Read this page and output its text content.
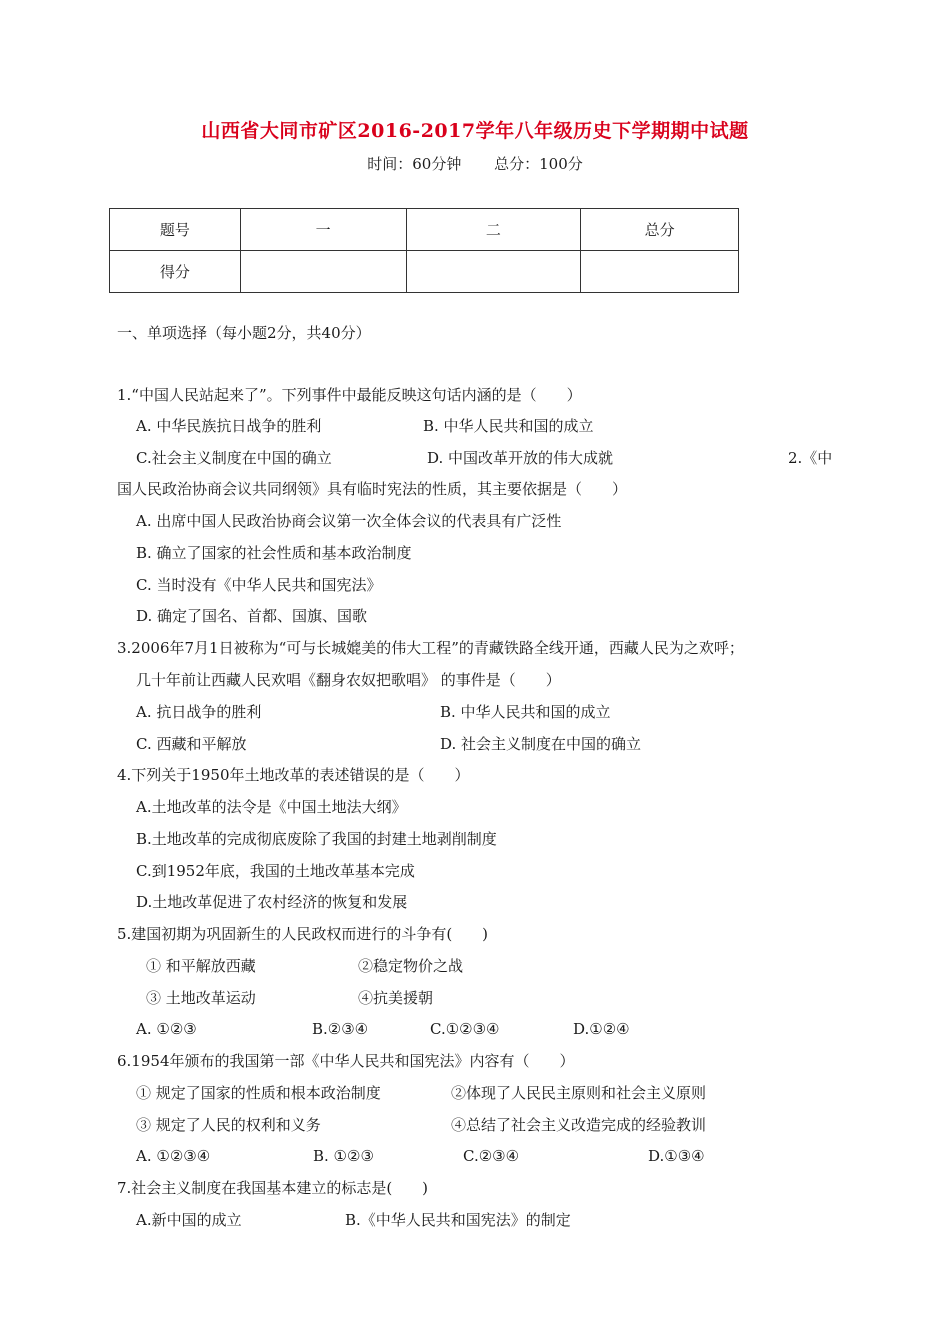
山西省大同市矿区2016-2017学年八年级历史下学期期中试题
时间：60分钟 总分：100分
题号	一	二	总分
得分			
一、单项选择（每小题2分，共40分）
1.“中国人民站起来了”。下列事件中最能反映这句话内涵的是（　　）
A. 中华民族抗日战争的胜利	B. 中华人民共和国的成立
C.社会主义制度在中国的确立	D. 中国改革开放的伟大成就	2.《中
国人民政治协商会议共同纲领》具有临时宪法的性质，其主要依据是（　　）
A. 出席中国人民政治协商会议第一次全体会议的代表具有广泛性
B. 确立了国家的社会性质和基本政治制度
C. 当时没有《中华人民共和国宪法》
D. 确定了国名、首都、国旗、国歌
3.2006年7月1日被称为“可与长城媲美的伟大工程”的青藏铁路全线开通，西藏人民为之欢呼；
几十年前让西藏人民欢唱《翻身农奴把歌唱》 的事件是（　　）
A. 抗日战争的胜利	B. 中华人民共和国的成立
C. 西藏和平解放	D. 社会主义制度在中国的确立
4.下列关于1950年土地改革的表述错误的是（　　）
A.土地改革的法令是《中国土地法大纲》
B.土地改革的完成彻底废除了我国的封建土地剥削制度
C.到1952年底，我国的土地改革基本完成
D.土地改革促进了农村经济的恢复和发展
5.建国初期为巩固新生的人民政权而进行的斗争有(　　)
① 和平解放西藏	②稳定物价之战
③ 土地改革运动	④抗美援朝
A. ①②③	B.②③④	C.①②③④	D.①②④
6.1954年颁布的我国第一部《中华人民共和国宪法》内容有（　　）
① 规定了国家的性质和根本政治制度	②体现了人民民主原则和社会主义原则
③ 规定了人民的权利和义务	④总结了社会主义改造完成的经验教训
A. ①②③④	B. ①②③	C.②③④	D.①③④
7.社会主义制度在我国基本建立的标志是(　　)
A.新中国的成立	B.《中华人民共和国宪法》的制定
